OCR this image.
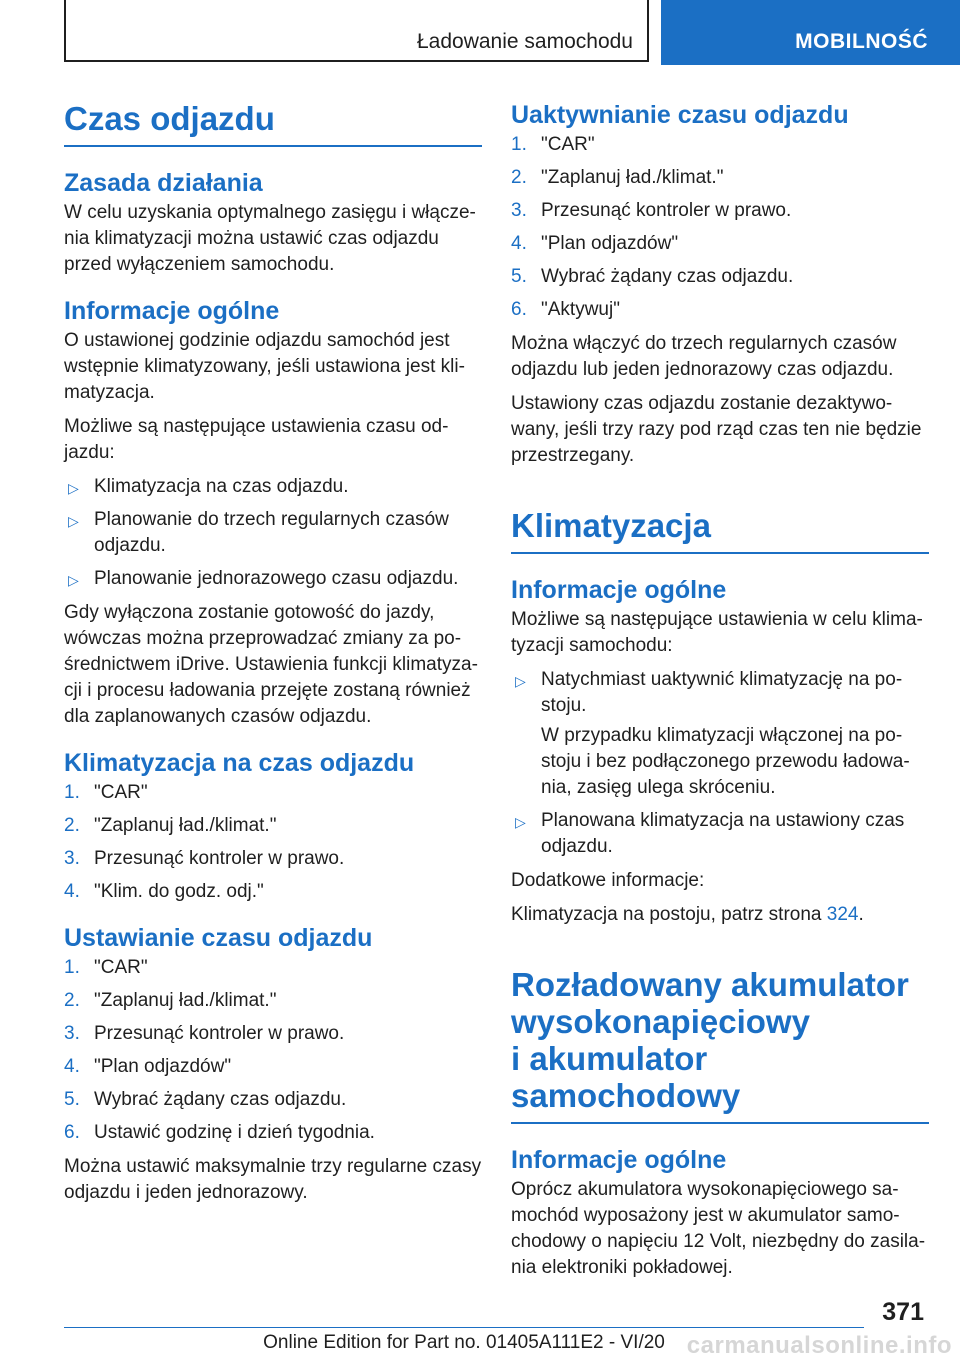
Ładowanie samochodu	MOBILNOŚĆ
Czas odjazdu
Zasada działania

W celu uzyskania optymalnego zasięgu i włączenia klimatyzacji można ustawić czas odjazdu przed wyłączeniem samochodu.

Informacje ogólne

O ustawionej godzinie odjazdu samochód jest wstępnie klimatyzowany, jeśli ustawiona jest klimatyzacja.

Możliwe są następujące ustawienia czasu odjazdu:

▷ Klimatyzacja na czas odjazdu.
▷ Planowanie do trzech regularnych czasów odjazdu.
▷ Planowanie jednorazowego czasu odjazdu.

Gdy wyłączona zostanie gotowość do jazdy, wówczas można przeprowadzać zmiany za pośrednictwem iDrive. Ustawienia funkcji klimatyzacji i procesu ładowania przejęte zostaną również dla zaplanowanych czasów odjazdu.

Klimatyzacja na czas odjazdu
1. "CAR"
2. "Zaplanuj ład./klimat."
3. Przesunąć kontroler w prawo.
4. "Klim. do godz. odj."
Ustawianie czasu odjazdu
1. "CAR"
2. "Zaplanuj ład./klimat."
3. Przesunąć kontroler w prawo.
4. "Plan odjazdów"
5. Wybrać żądany czas odjazdu.
6. Ustawić godzinę i dzień tygodnia.

Można ustawić maksymalnie trzy regularne czasy odjazdu i jeden jednorazowy.

Uaktywnianie czasu odjazdu
1. "CAR"
2. "Zaplanuj ład./klimat."
3. Przesunąć kontroler w prawo.
4. "Plan odjazdów"
5. Wybrać żądany czas odjazdu.
6. "Aktywuj"

Można włączyć do trzech regularnych czasów odjazdu lub jeden jednorazowy czas odjazdu.

Ustawiony czas odjazdu zostanie dezaktywowany, jeśli trzy razy pod rząd czas ten nie będzie przestrzegany.

Klimatyzacja
Informacje ogólne

Możliwe są następujące ustawienia w celu klimatyzacji samochodu:

▷ Natychmiast uaktywnić klimatyzację na postoju.
W przypadku klimatyzacji włączonej na postoju i bez podłączonego przewodu ładowania, zasięg ulega skróceniu.
▷ Planowana klimatyzacja na ustawiony czas odjazdu.

Dodatkowe informacje:

Klimatyzacja na postoju, patrz strona 324.

Rozładowany akumulator
wysokonapięciowy
i akumulator samochodowy
Informacje ogólne

Oprócz akumulatora wysokonapięciowego samochód wyposażony jest w akumulator samochodowy o napięciu 12 Volt, niezbędny do zasilania elektroniki pokładowej.

371
Online Edition for Part no. 01405A111E2 - VI/20 carmanualsonline.info
